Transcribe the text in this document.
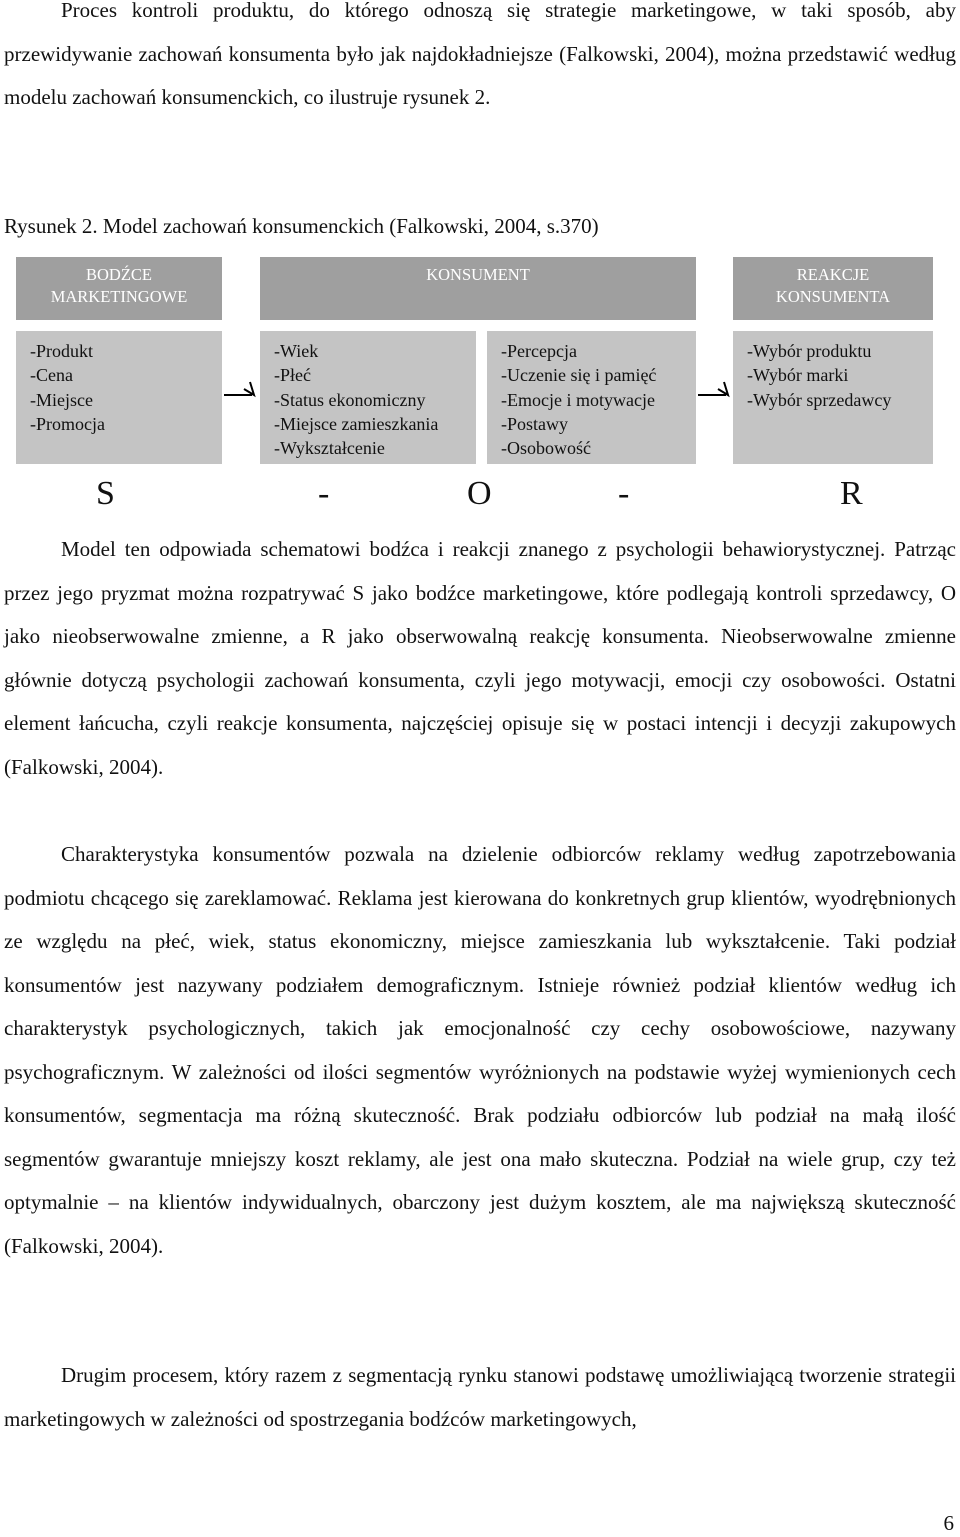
Proces kontroli produktu, do którego odnoszą się strategie marketingowe, w taki sposób, aby przewidywanie zachowań konsumenta było jak najdokładniejsze (Falkowski, 2004), można przedstawić według modelu zachowań konsumenckich, co ilustruje rysunek 2.

Rysunek 2. Model zachowań konsumenckich (Falkowski, 2004, s.370)

BODŹCE
MARKETINGOWE
KONSUMENT	REAKCJE
KONSUMENTA
-Produkt
-Cena
-Miejsce
-Promocja
-Wiek
-Płeć
-Status ekonomiczny
-Miejsce zamieszkania
-Wykształcenie
-Percepcja
-Uczenie się i pamięć
-Emocje i motywacje
-Postawy
-Osobowość
-Wybór produktu
-Wybór marki
-Wybór sprzedawcy
S	-	O	-	R

Model ten odpowiada schematowi bodźca i reakcji znanego z psychologii behawiorystycznej. Patrząc przez jego pryzmat można rozpatrywać S jako bodźce marketingowe, które podlegają kontroli sprzedawcy, O jako nieobserwowalne zmienne, a R jako obserwowalną reakcję konsumenta. Nieobserwowalne zmienne głównie dotyczą psychologii zachowań konsumenta, czyli jego motywacji, emocji czy osobowości. Ostatni element łańcucha, czyli reakcje konsumenta, najczęściej opisuje się w postaci intencji i decyzji zakupowych (Falkowski, 2004).

Charakterystyka konsumentów pozwala na dzielenie odbiorców reklamy według zapotrzebowania podmiotu chcącego się zareklamować. Reklama jest kierowana do konkretnych grup klientów, wyodrębnionych ze względu na płeć, wiek, status ekonomiczny, miejsce zamieszkania lub wykształcenie. Taki podział konsumentów jest nazywany podziałem demograficznym. Istnieje również podział klientów według ich charakterystyk psychologicznych, takich jak emocjonalność czy cechy osobowościowe, nazywany psychograficznym. W zależności od ilości segmentów wyróżnionych na podstawie wyżej wymienionych cech konsumentów, segmentacja ma różną skuteczność. Brak podziału odbiorców lub podział na małą ilość segmentów gwarantuje mniejszy koszt reklamy, ale jest ona mało skuteczna. Podział na wiele grup, czy też optymalnie – na klientów indywidualnych, obarczony jest dużym kosztem, ale ma największą skuteczność (Falkowski, 2004).

Drugim procesem, który razem z segmentacją rynku stanowi podstawę umożliwiającą tworzenie strategii marketingowych w zależności od spostrzegania bodźców marketingowych,

6
